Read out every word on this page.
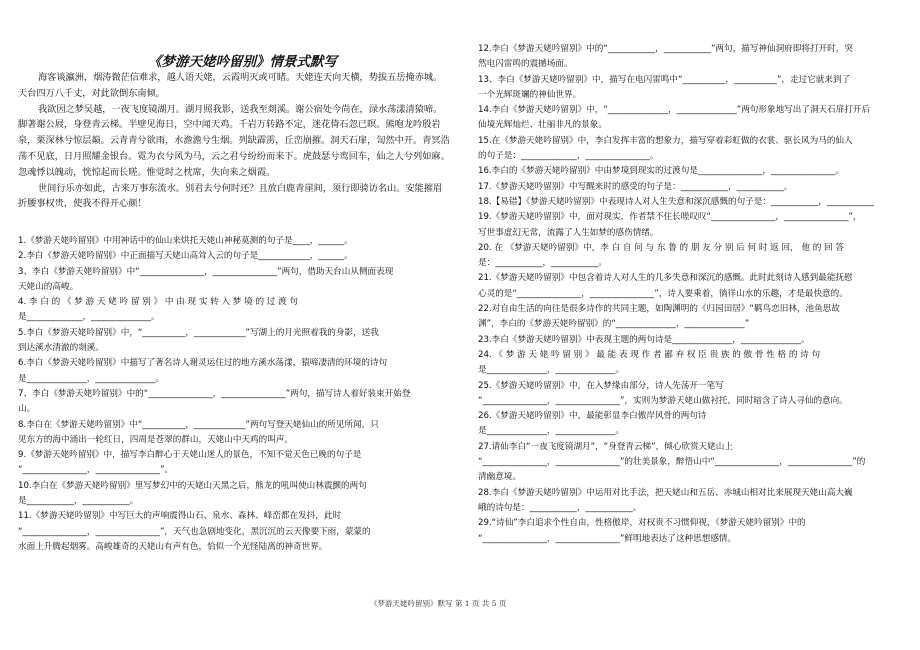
《梦游天姥吟留别》情景式默写

海客谈瀛洲，烟涛微茫信难求，越人语天姥，云霞明灭或可睹。天姥连天向天横，势拔五岳掩赤城。天台四万八千丈，对此欲倒东南倾。

我欲因之梦吴越，一夜飞度镜湖月。湖月照我影，送我至剡溪。谢公宿处今尚在，渌水荡漾清猿啼。脚著谢公屐，身登青云梯。半壁见海日，空中闻天鸡。千岩万转路不定，迷花倚石忽已暝。熊咆龙吟殷岩泉，栗深林兮惊层巅。云青青兮欲雨，水澹澹兮生烟。列缺霹雳，丘峦崩摧。洞天石扉，訇然中开。青冥浩荡不见底，日月照耀金银台。霓为衣兮风为马，云之君兮纷纷而来下。虎鼓瑟兮鸾回车，仙之人兮列如麻。忽魂悸以魄动，恍惊起而长嗟。惟觉时之枕席，失向来之烟霞。

世间行乐亦如此，古来万事东流水。别君去兮何时还？且放白鹿青崖间，须行即骑访名山。安能摧眉折腰事权贵，使我不得开心颜！

1.《梦游天姥吟留别》中用神话中的仙山来烘托天姥山神秘莫测的句子是____，______。
2.李白《梦游天姥吟留别》中正面描写天姥山高耸入云的句子是____________，______。
3、李白《梦游天姥吟留别》中“_______________，_______________”两句，借助天台山从侧面表现
天姥山的高峻。
4. 李 白 的 《 梦 游 天 姥 吟 留 别 》 中 由 现 实 转 入 梦 境 的 过 渡 句
是_____________，______________。
5.李白《梦游天姥吟留别》中，“__________，____________”写湖上的月光照着我的身影，送我
到达溪水清澈的剡溪。
6.李白《梦游天姥吟留别》中描写了著名诗人谢灵运住过的地方溪水荡漾，猿啼凄清的环境的诗句
是______________，______________。
7、李白《梦游天姥吟留别》中的“_______________，_______________”两句，描写诗人着好装束开始登
山。
8.李白在《梦游天姥吟留别》中“__________，____________”两句写登天姥仙山的所见所闻，只
见东方的海中涌出一轮红日，四周是苍翠的群山，天姥山中天鸡的叫声。
9.《梦游天姥吟留别》中，描写李白醉心于天姥山迷人的景色，不知不觉天色已晚的句子是
“_______________，_______________”。
10.李白在《梦游天姥吟留别》里写梦幻中的天姥山天黑之后，熊龙的吼叫使山林震颤的两句
是___________，___________。
11.《梦游天姥吟留别》中写巨大的声响震得山石、泉水、森林、峰峦都在发抖，此时
“_______________，_______________”，天气也急剧地变化，黑沉沉的云天像要下雨，蒙蒙的
水面上升腾起烟雾。高峻雄奇的天姥山有声有色，恰似一个光怪陆离的神奇世界。
12.李白《梦游天姥吟留别》中的“___________，___________”两句，描写神仙洞府即将打开时，突
然电闪雷鸣的震撼场面。
13、李白《梦游天姥吟留别》中，描写在电闪雷鸣中“__________，__________”，走过它就来到了
一个光辉斑斓的神仙世界。
14.李白《梦游天姥吟留别》中，“______________，______________”两句形象地写出了洞天石扉打开后
仙境光辉灿烂、壮丽非凡的景象。
15.在《梦游天姥吟留别》中，李白发挥丰富的想象力，描写穿着彩虹做的衣裳、驱长风为马的仙人
的句子是：_____________，_______________。
16.李白的《梦游天姥吟留别》中由梦境到现实的过渡句是_______________，_______________。
17.《梦游天姥吟留别》中写醒来时的感受的句子是：___________，___________。
18.【易错】《梦游天姥吟留别》中表现诗人对人生失意和深沉感慨的句子是：___________，___________
19.《梦游天姥吟留别》中，面对现实，作者禁不住长嗟叹叹“_______________，_______________”，
写世事虚幻无常，流露了人生如梦的感伤情绪。
20. 在 《梦游天姥吟留别》中，李 白 自 问 与 东 鲁 的 朋 友 分 别 后 何 时 返 回， 他 的 回 答
是：___________，___________。
21.《梦游天姥吟留别》中包含着诗人对人生的几多失意和深沉的感慨。此时此刻诗人感到最能抚慰
心灵的是“_______________，_______________”，诗人要乘着，徜徉山水的乐趣，才是最快意的。
22.对自由生活的向往是很多诗作的共同主题，如陶渊明的《归园田居》“羁鸟恋旧林，池鱼思故
渊”，李白的《梦游天姥吟留别》的“______________，______________”
23.李白《梦游天姥吟留别》中表现主题的两句诗是______________，______________。
24. 《 梦 游 天 姥 吟 留 别 》 最 能 表 现 作 者 鄙 弃 权 臣 贵 族 的 傲 骨 性 格 的 诗 句
是______________，______________。
25.《梦游天姥吟留别》中，在入梦缘由部分，诗人先荡开一笔写
“_______________，_______________”，实则为梦游天姥山做衬托，同时暗含了诗人寻仙的意向。
26.《梦游天姥吟留别》中，最能彰显李白傲岸风骨的两句诗
是______________，______________。
27.请仙李白“一夜飞度镜湖月”，“身登青云梯”，倾心欣赏天姥山上
“_______________，_______________”的壮美景象，醉悟山中“_______________，_______________”的
清幽意境。
28.李白《梦游天姥吟留别》中运用对比手法，把天姥山和五岳、赤城山相对比来展现天姥山高大巍
峨的诗句是：___________，___________。
29.“诗仙”李白追求个性自由，性格傲岸，对权贵不习惯仰视，《梦游天姥吟留别》中的
“_______________，_______________”鲜明地表达了这种思想感情。
《梦游天姥吟留别》默写 第 1 页 共 5 页
